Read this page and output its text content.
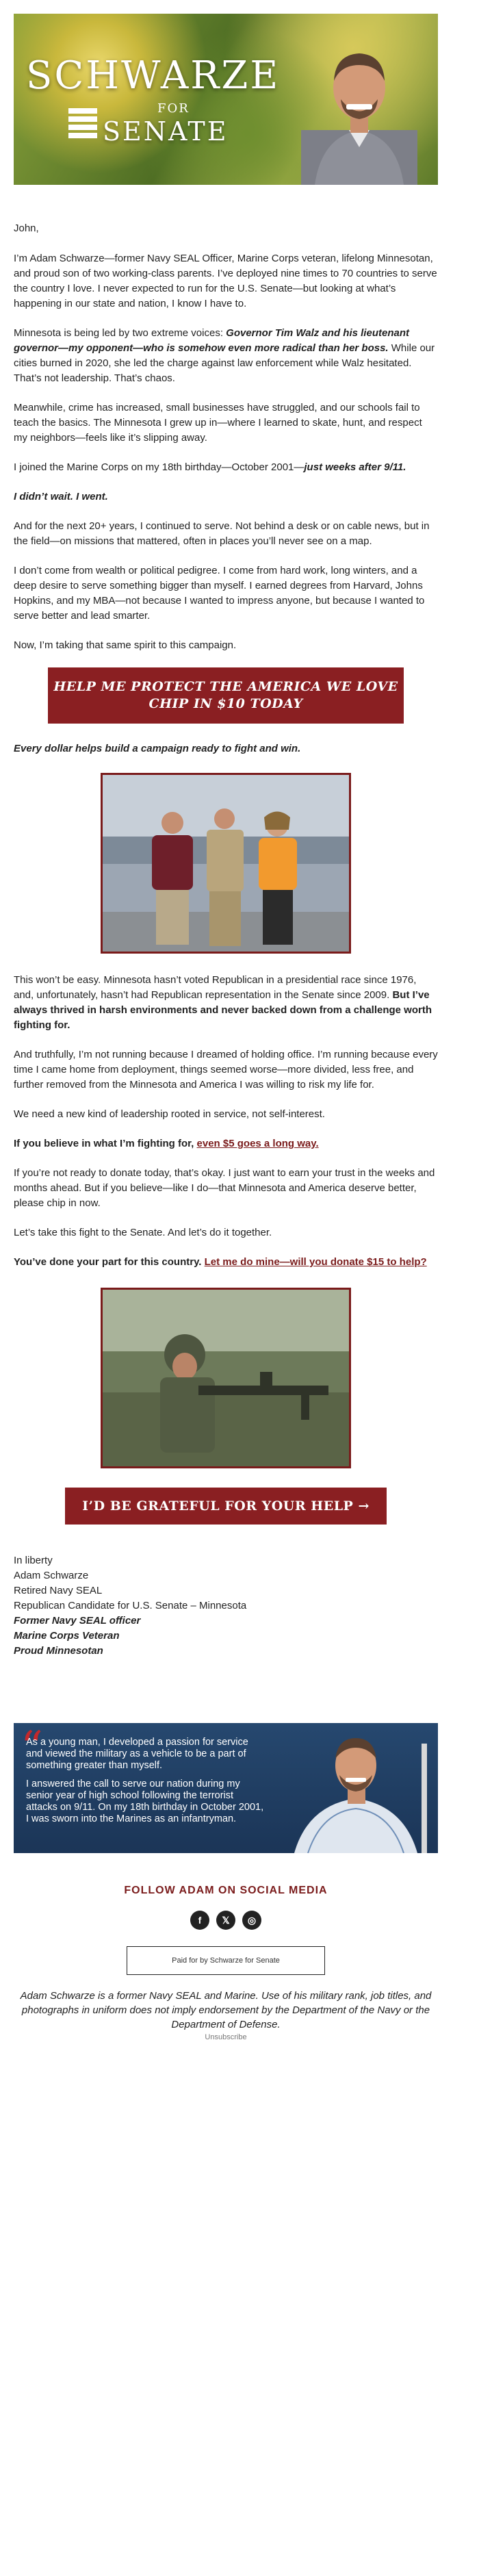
SCHWARZE
FOR
SENATE

John,

I’m Adam Schwarze—former Navy SEAL Officer, Marine Corps veteran, lifelong Minnesotan, and proud son of two working-class parents. I’ve deployed nine times to 70 countries to serve the country I love. I never expected to run for the U.S. Senate—but looking at what’s happening in our state and nation, I know I have to.

Minnesota is being led by two extreme voices: Governor Tim Walz and his lieutenant governor—my opponent—who is somehow even more radical than her boss. While our cities burned in 2020, she led the charge against law enforcement while Walz hesitated. That’s not leadership. That’s chaos.

Meanwhile, crime has increased, small businesses have struggled, and our schools fail to teach the basics. The Minnesota I grew up in—where I learned to skate, hunt, and respect my neighbors—feels like it’s slipping away.

I joined the Marine Corps on my 18th birthday—October 2001—just weeks after 9/11.

I didn’t wait. I went.

And for the next 20+ years, I continued to serve. Not behind a desk or on cable news, but in the field—on missions that mattered, often in places you’ll never see on a map.

I don’t come from wealth or political pedigree. I come from hard work, long winters, and a deep desire to serve something bigger than myself. I earned degrees from Harvard, Johns Hopkins, and my MBA—not because I wanted to impress anyone, but because I wanted to serve better and lead smarter.

Now, I’m taking that same spirit to this campaign.

HELP ME PROTECT THE AMERICA WE LOVE
CHIP IN $10 TODAY

Every dollar helps build a campaign ready to fight and win.

This won’t be easy. Minnesota hasn’t voted Republican in a presidential race since 1976, and, unfortunately, hasn’t had Republican representation in the Senate since 2009. But I’ve always thrived in harsh environments and never backed down from a challenge worth fighting for.

And truthfully, I’m not running because I dreamed of holding office. I’m running because every time I came home from deployment, things seemed worse—more divided, less free, and further removed from the Minnesota and America I was willing to risk my life for.

We need a new kind of leadership rooted in service, not self-interest.

If you believe in what I’m fighting for, even $5 goes a long way.

If you’re not ready to donate today, that’s okay. I just want to earn your trust in the weeks and months ahead. But if you believe—like I do—that Minnesota and America deserve better, please chip in now.

Let’s take this fight to the Senate. And let’s do it together.

You’ve done your part for this country. Let me do mine—will you donate $15 to help?

I’D BE GRATEFUL FOR YOUR HELP →

In liberty

Adam Schwarze

Retired Navy SEAL

Republican Candidate for U.S. Senate – Minnesota

Former Navy SEAL officer

Marine Corps Veteran

Proud Minnesotan

“
As a young man, I developed a passion for service and viewed the military as a vehicle to be a part of something greater than myself.
I answered the call to serve our nation during my senior year of high school following the terrorist attacks on 9/11. On my 18th birthday in October 2001, I was sworn into the Marines as an infantryman.
FOLLOW ADAM ON SOCIAL MEDIA
f	𝕏	◎
Paid for by Schwarze for Senate
Adam Schwarze is a former Navy SEAL and Marine. Use of his military rank, job titles, and photographs in uniform does not imply endorsement by the Department of the Navy or the Department of Defense.
Unsubscribe
